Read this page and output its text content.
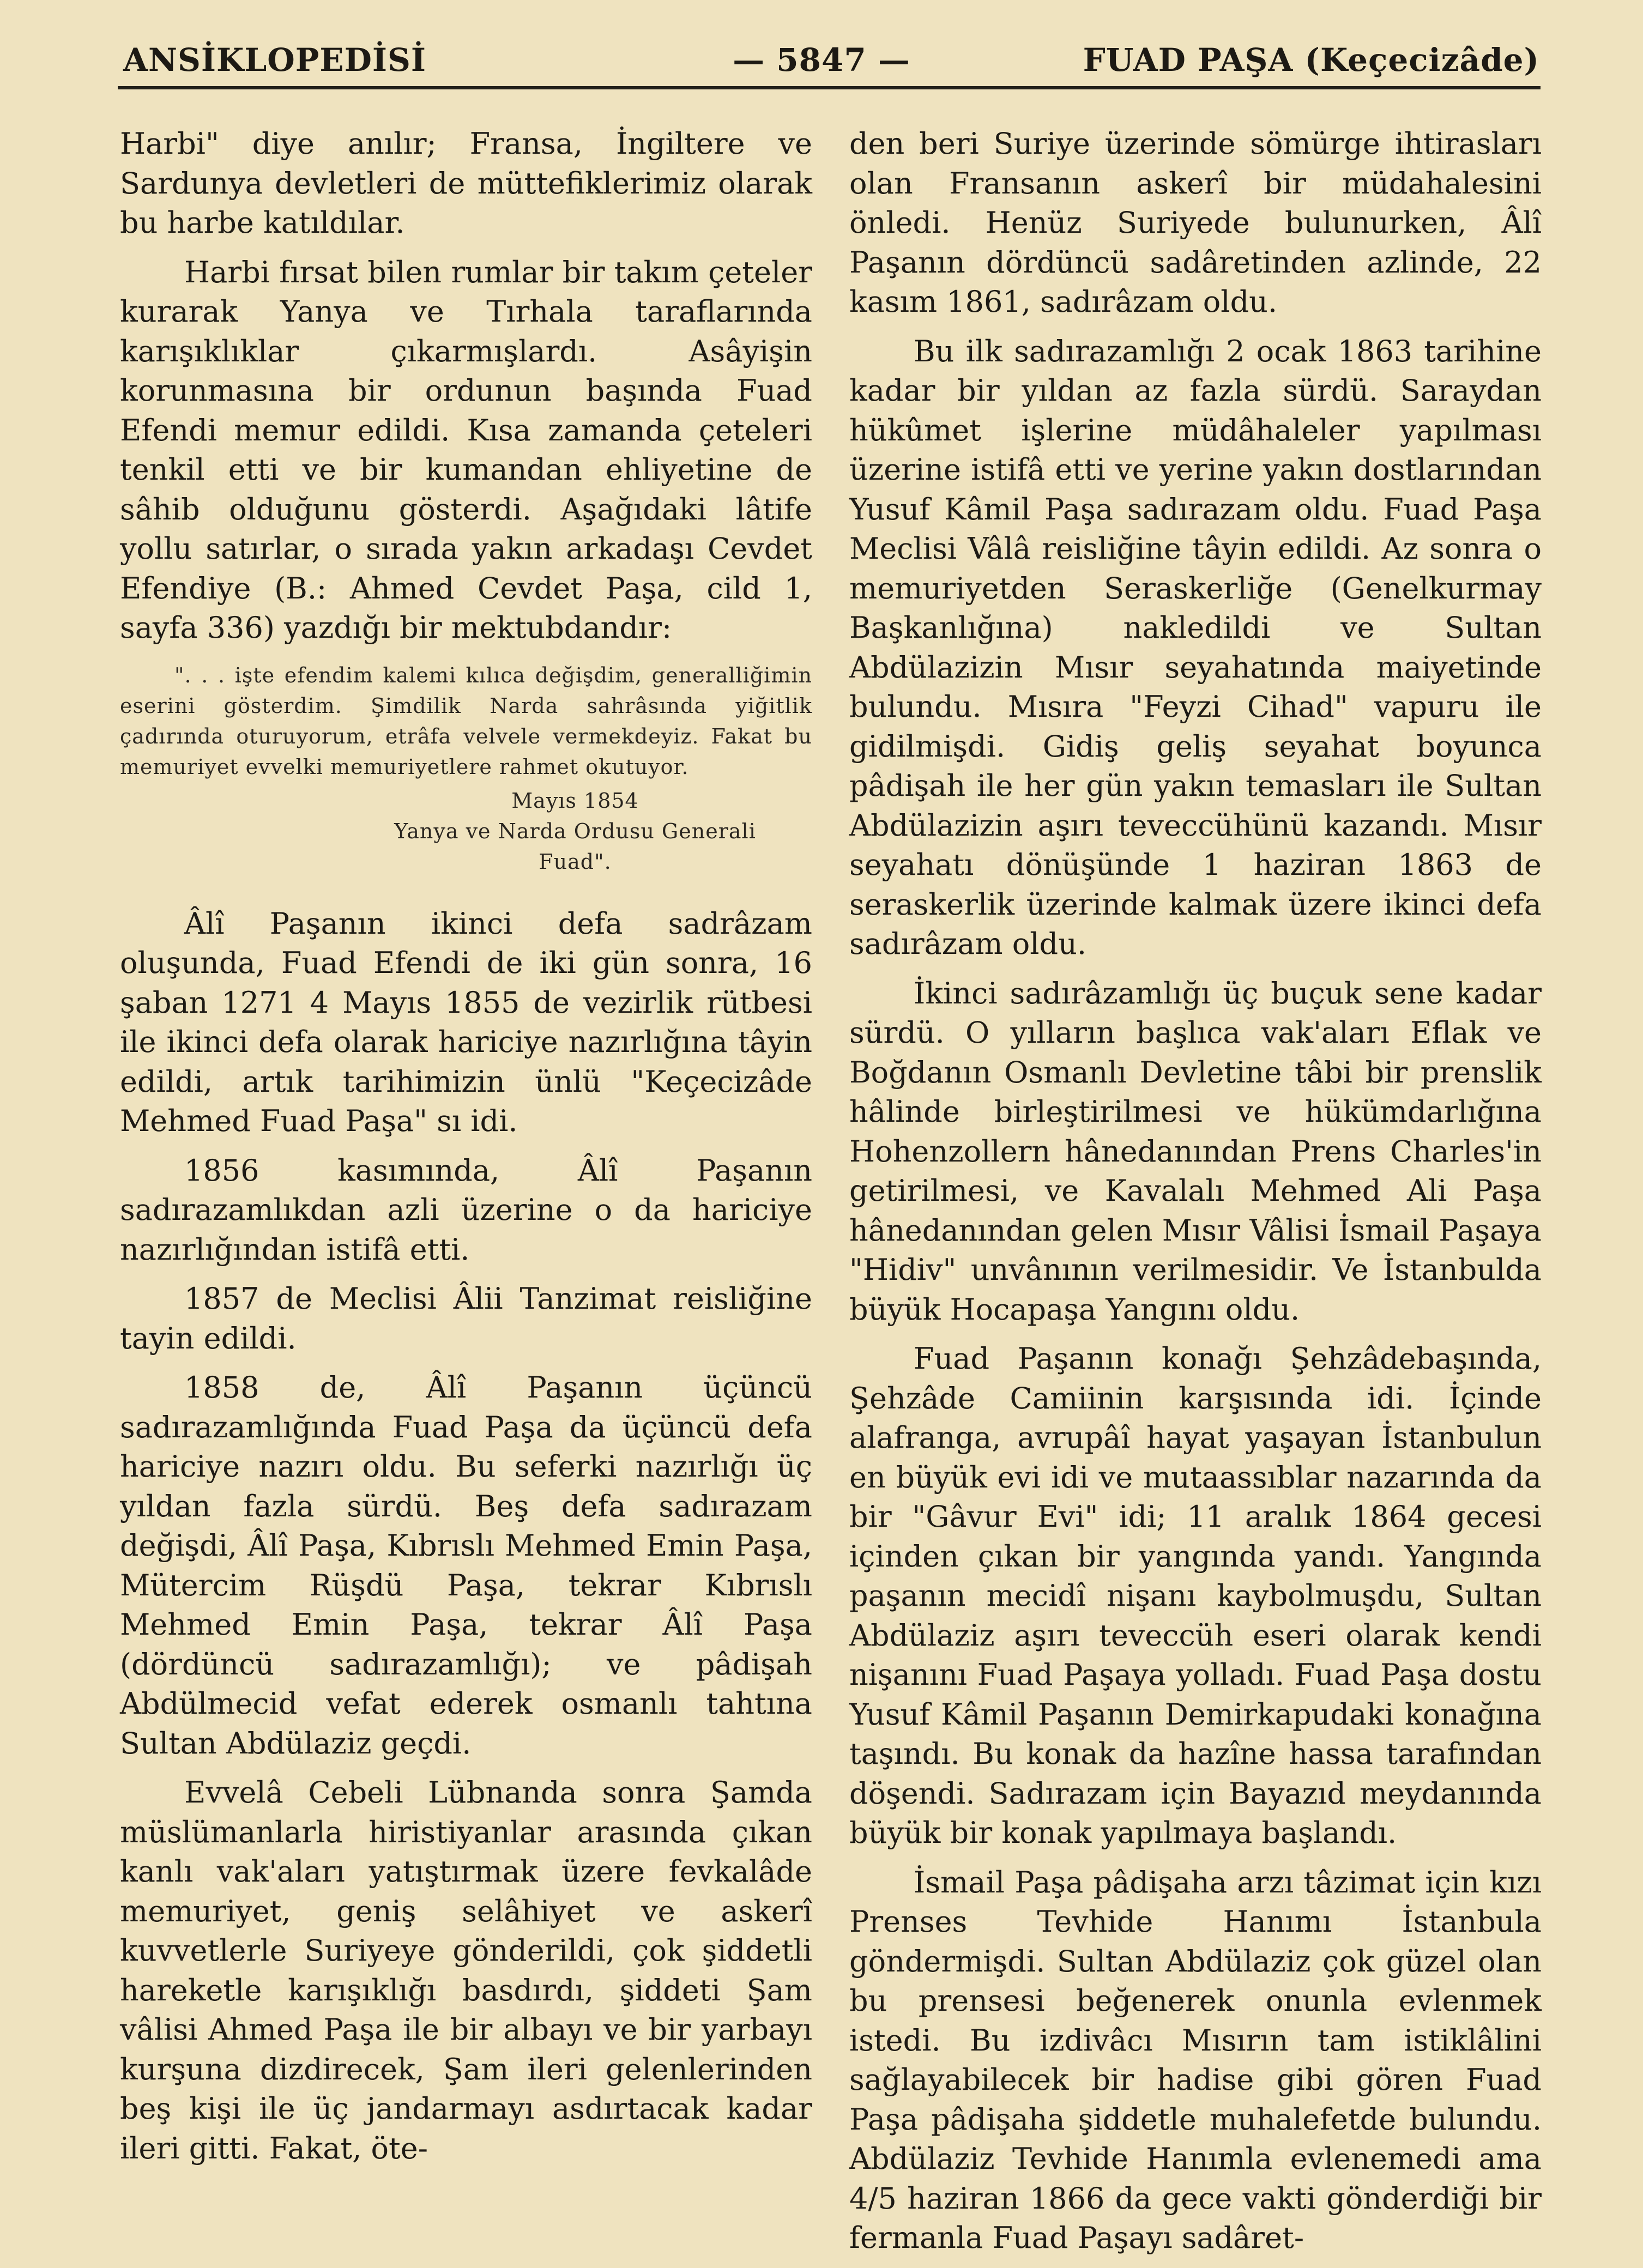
ANSİKLOPEDİSİ	— 5847 —	FUAD PAŞA (Keçecizâde)

Harbi" diye anılır; Fransa, İngiltere ve Sardunya devletleri de müttefiklerimiz olarak bu harbe katıldılar.

Harbi fırsat bilen rumlar bir takım çeteler kurarak Yanya ve Tırhala taraflarında karışıklıklar çıkarmışlardı. Asâyişin korunmasına bir ordunun başında Fuad Efendi memur edildi. Kısa zamanda çeteleri tenkil etti ve bir kumandan ehliyetine de sâhib olduğunu gösterdi. Aşağıdaki lâtife yollu satırlar, o sırada yakın arkadaşı Cevdet Efendiye (B.: Ahmed Cevdet Paşa, cild 1, sayfa 336) yazdığı bir mektubdandır:

". . . işte efendim kalemi kılıca değişdim, generalliğimin eserini gösterdim. Şimdilik Narda sahrâsında yiğitlik çadırında oturuyorum, etrâfa velvele vermekdeyiz. Fakat bu memuriyet evvelki memuriyetlere rahmet okutuyor.

Mayıs 1854
Yanya ve Narda Ordusu Generali
Fuad".

Âlî Paşanın ikinci defa sadrâzam oluşunda, Fuad Efendi de iki gün sonra, 16 şaban 1271 4 Mayıs 1855 de vezirlik rütbesi ile ikinci defa olarak hariciye nazırlığına tâyin edildi, artık tarihimizin ünlü "Keçecizâde Mehmed Fuad Paşa" sı idi.

1856 kasımında, Âlî Paşanın sadırazamlıkdan azli üzerine o da hariciye nazırlığından istifâ etti.

1857 de Meclisi Âlii Tanzimat reisliğine tayin edildi.

1858 de, Âlî Paşanın üçüncü sadırazamlığında Fuad Paşa da üçüncü defa hariciye nazırı oldu. Bu seferki nazırlığı üç yıldan fazla sürdü. Beş defa sadırazam değişdi, Âlî Paşa, Kıbrıslı Mehmed Emin Paşa, Mütercim Rüşdü Paşa, tekrar Kıbrıslı Mehmed Emin Paşa, tekrar Âlî Paşa (dördüncü sadırazamlığı); ve pâdişah Abdülmecid vefat ederek osmanlı tahtına Sultan Abdülaziz geçdi.

Evvelâ Cebeli Lübnanda sonra Şamda müslümanlarla hiristiyanlar arasında çıkan kanlı vak'aları yatıştırmak üzere fevkalâde memuriyet, geniş selâhiyet ve askerî kuvvetlerle Suriyeye gönderildi, çok şiddetli hareketle karışıklığı basdırdı, şiddeti Şam vâlisi Ahmed Paşa ile bir albayı ve bir yarbayı kurşuna dizdirecek, Şam ileri gelenlerinden beş kişi ile üç jandarmayı asdırtacak kadar ileri gitti. Fakat, öte-

den beri Suriye üzerinde sömürge ihtirasları olan Fransanın askerî bir müdahalesini önledi. Henüz Suriyede bulunurken, Âlî Paşanın dördüncü sadâretinden azlinde, 22 kasım 1861, sadırâzam oldu.

Bu ilk sadırazamlığı 2 ocak 1863 tarihine kadar bir yıldan az fazla sürdü. Saraydan hükûmet işlerine müdâhaleler yapılması üzerine istifâ etti ve yerine yakın dostlarından Yusuf Kâmil Paşa sadırazam oldu. Fuad Paşa Meclisi Vâlâ reisliğine tâyin edildi. Az sonra o memuriyetden Seraskerliğe (Genelkurmay Başkanlığına) nakledildi ve Sultan Abdülazizin Mısır seyahatında maiyetinde bulundu. Mısıra "Feyzi Cihad" vapuru ile gidilmişdi. Gidiş geliş seyahat boyunca pâdişah ile her gün yakın temasları ile Sultan Abdülazizin aşırı teveccühünü kazandı. Mısır seyahatı dönüşünde 1 haziran 1863 de seraskerlik üzerinde kalmak üzere ikinci defa sadırâzam oldu.

İkinci sadırâzamlığı üç buçuk sene kadar sürdü. O yılların başlıca vak'aları Eflak ve Boğdanın Osmanlı Devletine tâbi bir prenslik hâlinde birleştirilmesi ve hükümdarlığına Hohenzollern hânedanından Prens Charles'in getirilmesi, ve Kavalalı Mehmed Ali Paşa hânedanından gelen Mısır Vâlisi İsmail Paşaya "Hidiv" unvânının verilmesidir. Ve İstanbulda büyük Hocapaşa Yangını oldu.

Fuad Paşanın konağı Şehzâdebaşında, Şehzâde Camiinin karşısında idi. İçinde alafranga, avrupâî hayat yaşayan İstanbulun en büyük evi idi ve mutaassıblar nazarında da bir "Gâvur Evi" idi; 11 aralık 1864 gecesi içinden çıkan bir yangında yandı. Yangında paşanın mecidî nişanı kaybolmuşdu, Sultan Abdülaziz aşırı teveccüh eseri olarak kendi nişanını Fuad Paşaya yolladı. Fuad Paşa dostu Yusuf Kâmil Paşanın Demirkapudaki konağına taşındı. Bu konak da hazîne hassa tarafından döşendi. Sadırazam için Bayazıd meydanında büyük bir konak yapılmaya başlandı.

İsmail Paşa pâdişaha arzı tâzimat için kızı Prenses Tevhide Hanımı İstanbula göndermişdi. Sultan Abdülaziz çok güzel olan bu prensesi beğenerek onunla evlenmek istedi. Bu izdivâcı Mısırın tam istiklâlini sağlayabilecek bir hadise gibi gören Fuad Paşa pâdişaha şiddetle muhalefetde bulundu. Abdülaziz Tevhide Hanımla evlenemedi ama 4/5 haziran 1866 da gece vakti gönderdiği bir fermanla Fuad Paşayı sadâret-
